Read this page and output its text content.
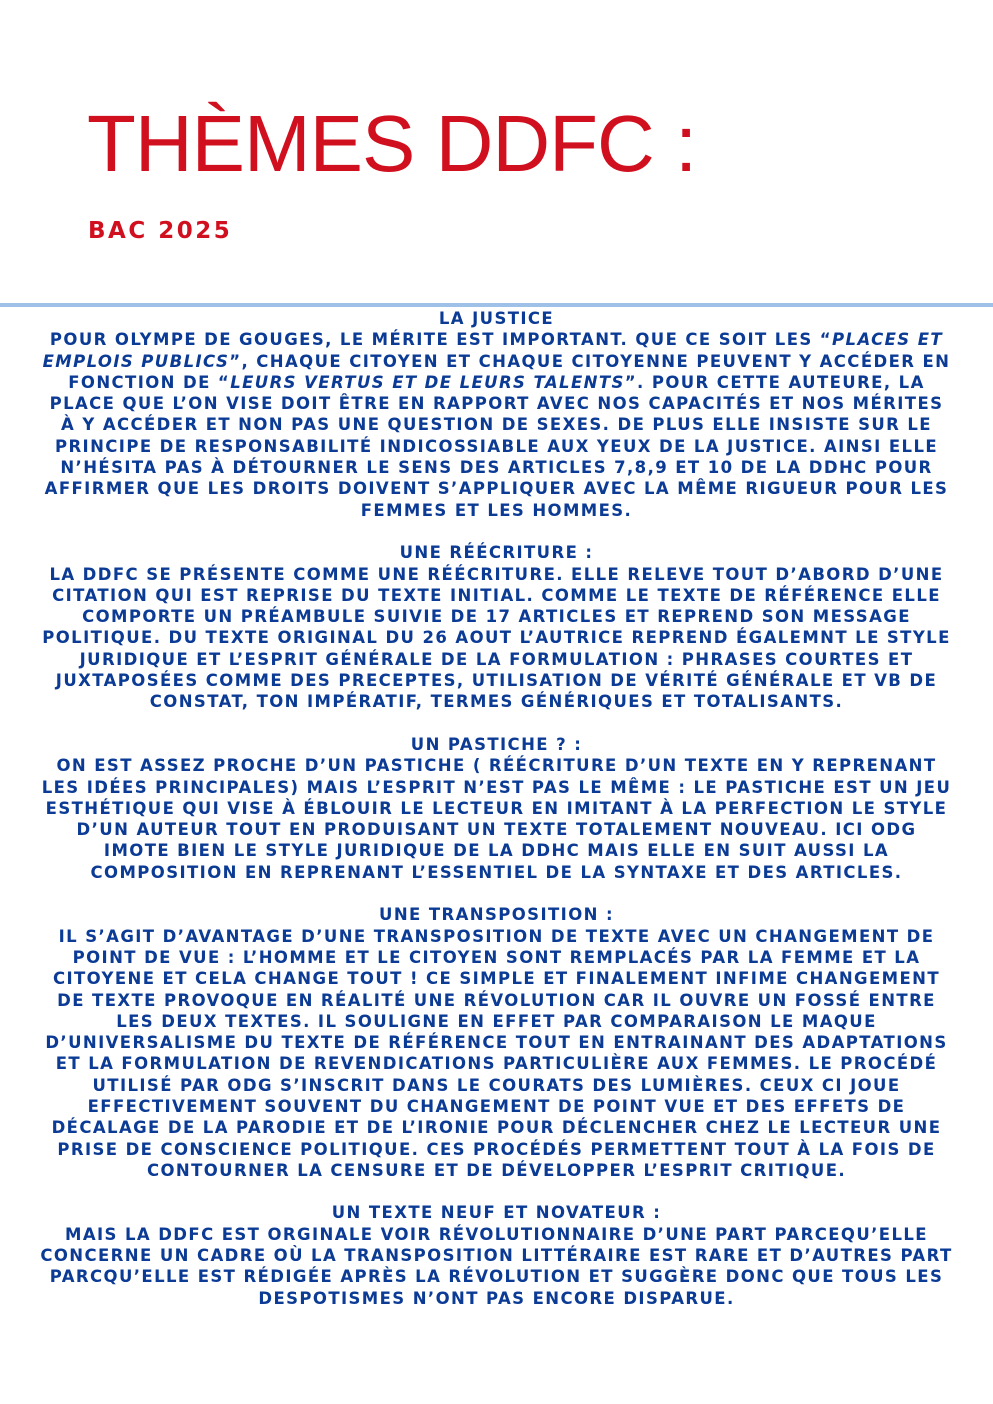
THÈMES DDFC :
BAC 2025
LA JUSTICE

POUR OLYMPE DE GOUGES, LE MÉRITE EST IMPORTANT. QUE CE SOIT LES “PLACES ET EMPLOIS PUBLICS”, CHAQUE CITOYEN ET CHAQUE CITOYENNE PEUVENT Y ACCÉDER EN FONCTION DE “LEURS VERTUS ET DE LEURS TALENTS”. POUR CETTE AUTEURE, LA PLACE QUE L’ON VISE DOIT ÊTRE EN RAPPORT AVEC NOS CAPACITÉS ET NOS MÉRITES À Y ACCÉDER ET NON PAS UNE QUESTION DE SEXES. DE PLUS ELLE INSISTE SUR LE PRINCIPE DE RESPONSABILITÉ INDICOSSIABLE AUX YEUX DE LA JUSTICE. AINSI ELLE N’HÉSITA PAS À DÉTOURNER LE SENS DES ARTICLES 7,8,9 ET 10 DE LA DDHC POUR AFFIRMER QUE LES DROITS DOIVENT S’APPLIQUER AVEC LA MÊME RIGUEUR POUR LES FEMMES ET LES HOMMES.

UNE RÉÉCRITURE :

LA DDFC SE PRÉSENTE COMME UNE RÉÉCRITURE. ELLE RELEVE TOUT D’ABORD D’UNE CITATION QUI EST REPRISE DU TEXTE INITIAL. COMME LE TEXTE DE RÉFÉRENCE ELLE COMPORTE UN PRÉAMBULE SUIVIE DE 17 ARTICLES ET REPREND SON MESSAGE POLITIQUE. DU TEXTE ORIGINAL DU 26 AOUT L’AUTRICE REPREND ÉGALEMNT LE STYLE JURIDIQUE ET L’ESPRIT GÉNÉRALE DE LA FORMULATION : PHRASES COURTES ET JUXTAPOSÉES COMME DES PRECEPTES, UTILISATION DE VÉRITÉ GÉNÉRALE ET VB DE CONSTAT, TON IMPÉRATIF, TERMES GÉNÉRIQUES ET TOTALISANTS.

UN PASTICHE ? :

ON EST ASSEZ PROCHE D’UN PASTICHE ( RÉÉCRITURE D’UN TEXTE EN Y REPRENANT LES IDÉES PRINCIPALES) MAIS L’ESPRIT N’EST PAS LE MÊME : LE PASTICHE EST UN JEU ESTHÉTIQUE QUI VISE À ÉBLOUIR LE LECTEUR EN IMITANT À LA PERFECTION LE STYLE D’UN AUTEUR TOUT EN PRODUISANT UN TEXTE TOTALEMENT NOUVEAU. ICI ODG IMOTE BIEN LE STYLE JURIDIQUE DE LA DDHC MAIS ELLE EN SUIT AUSSI LA COMPOSITION EN REPRENANT L’ESSENTIEL DE LA SYNTAXE ET DES ARTICLES.

UNE TRANSPOSITION :

IL S’AGIT D’AVANTAGE D’UNE TRANSPOSITION DE TEXTE AVEC UN CHANGEMENT DE POINT DE VUE : L’HOMME ET LE CITOYEN SONT REMPLACÉS PAR LA FEMME ET LA CITOYENE ET CELA CHANGE TOUT ! CE SIMPLE ET FINALEMENT INFIME CHANGEMENT DE TEXTE PROVOQUE EN RÉALITÉ UNE RÉVOLUTION CAR IL OUVRE UN FOSSÉ ENTRE LES DEUX TEXTES. IL SOULIGNE EN EFFET PAR COMPARAISON LE MAQUE D’UNIVERSALISME DU TEXTE DE RÉFÉRENCE TOUT EN ENTRAINANT DES ADAPTATIONS ET LA FORMULATION DE REVENDICATIONS PARTICULIÈRE AUX FEMMES. LE PROCÉDÉ UTILISÉ PAR ODG S’INSCRIT DANS LE COURATS DES LUMIÈRES. CEUX CI JOUE EFFECTIVEMENT SOUVENT DU CHANGEMENT DE POINT VUE ET DES EFFETS DE DÉCALAGE DE LA PARODIE ET DE L’IRONIE POUR DÉCLENCHER CHEZ LE LECTEUR UNE PRISE DE CONSCIENCE POLITIQUE. CES PROCÉDÉS PERMETTENT TOUT À LA FOIS DE CONTOURNER LA CENSURE ET DE DÉVELOPPER L’ESPRIT CRITIQUE.

UN TEXTE NEUF ET NOVATEUR :

MAIS LA DDFC EST ORGINALE VOIR RÉVOLUTIONNAIRE D’UNE PART PARCEQU’ELLE CONCERNE UN CADRE OÙ LA TRANSPOSITION LITTÉRAIRE EST RARE ET D’AUTRES PART PARCQU’ELLE EST RÉDIGÉE APRÈS LA RÉVOLUTION ET SUGGÈRE DONC QUE TOUS LES DESPOTISMES N’ONT PAS ENCORE DISPARUE.
